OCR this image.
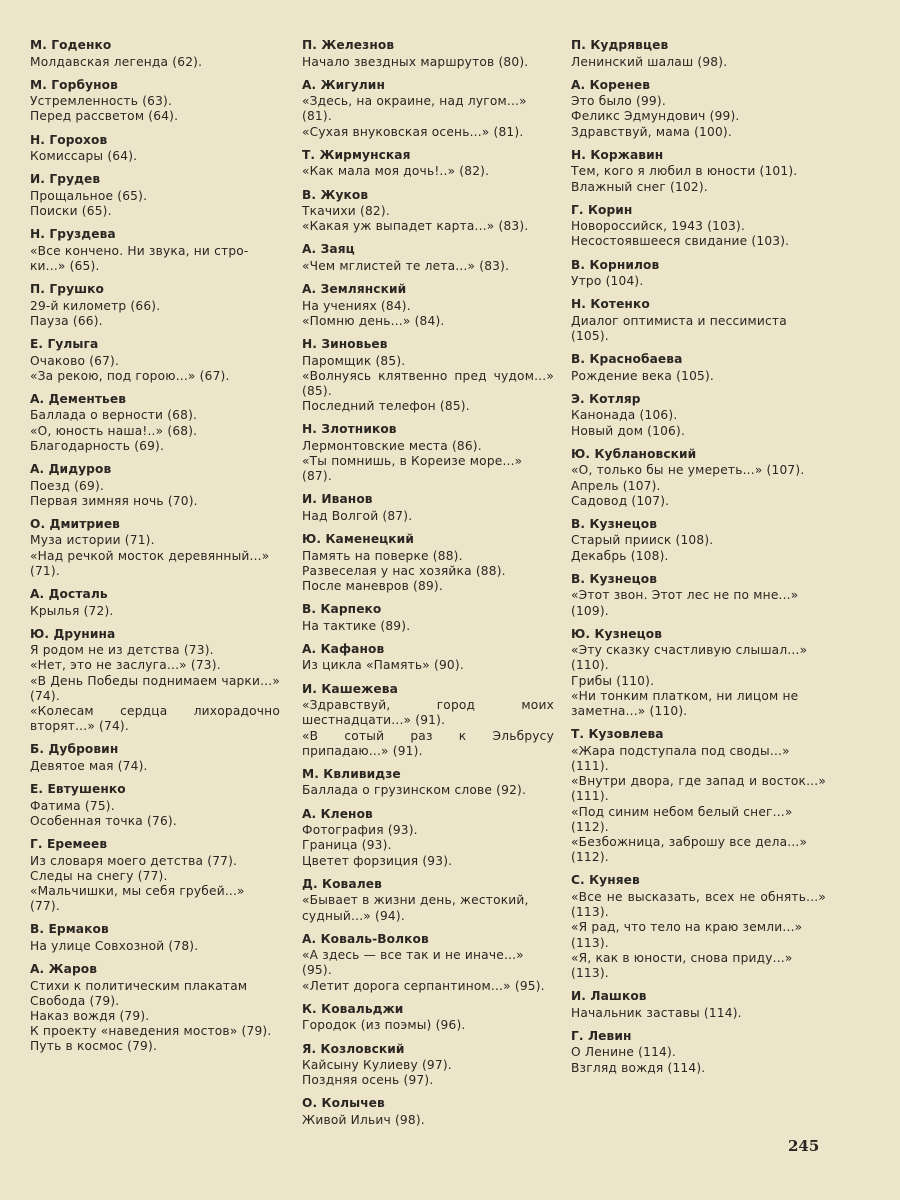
М. Годенко
Молдавская легенда (62).
М. Горбунов
Устремленность (63).
Перед рассветом (64).
Н. Горохов
Комиссары (64).
И. Грудев
Прощальное (65).
Поиски (65).
Н. Груздева
«Все кончено. Ни звука, ни стро-
ки...» (65).
П. Грушко
29-й километр (66).
Пауза (66).
Е. Гулыга
Очаково (67).
«За рекою, под горою...» (67).
А. Дементьев
Баллада о верности (68).
«О, юность наша!..» (68).
Благодарность (69).
А. Дидуров
Поезд (69).
Первая зимняя ночь (70).
О. Дмитриев
Муза истории (71).
«Над речкой мосток деревянный...»
(71).
А. Досталь
Крылья (72).
Ю. Друнина
Я родом не из детства (73).
«Нет, это не заслуга...» (73).
«В День Победы поднимаем чарки...» (74).
«Колесам сердца лихорадочно вторят...» (74).
Б. Дубровин
Девятое мая (74).
Е. Евтушенко
Фатима (75).
Особенная точка (76).
Г. Еремеев
Из словаря моего детства (77).
Следы на снегу (77).
«Мальчишки, мы себя грубей...»
(77).
В. Ермаков
На улице Совхозной (78).
А. Жаров
Стихи к политическим плакатам
Свобода (79).
Наказ вождя (79).
К проекту «наведения мостов» (79).
Путь в космос (79).
П. Железнов
Начало звездных маршрутов (80).
А. Жигулин
«Здесь, на окраине, над лугом...»
(81).
«Сухая внуковская осень...» (81).
Т. Жирмунская
«Как мала моя дочь!..» (82).
В. Жуков
Ткачихи (82).
«Какая уж выпадет карта...» (83).
А. Заяц
«Чем мглистей те лета...» (83).
А. Землянский
На учениях (84).
«Помню день...» (84).
Н. Зиновьев
Паромщик (85).
«Волнуясь клятвенно пред чудом...» (85).
Последний телефон (85).
Н. Злотников
Лермонтовские места (86).
«Ты помнишь, в Кореизе море...»
(87).
И. Иванов
Над Волгой (87).
Ю. Каменецкий
Память на поверке (88).
Развеселая у нас хозяйка (88).
После маневров (89).
В. Карпеко
На тактике (89).
А. Кафанов
Из цикла «Память» (90).
И. Кашежева
«Здравствуй, город моих шестнадцати...» (91).
«В сотый раз к Эльбрусу припадаю...» (91).
М. Квливидзе
Баллада о грузинском слове (92).
А. Кленов
Фотография (93).
Граница (93).
Цветет форзиция (93).
Д. Ковалев
«Бывает в жизни день, жестокий,
судный...» (94).
А. Коваль-Волков
«А здесь — все так и не иначе...»
(95).
«Летит дорога серпантином...» (95).
К. Ковальджи
Городок (из поэмы) (96).
Я. Козловский
Кайсыну Кулиеву (97).
Поздняя осень (97).
О. Колычев
Живой Ильич (98).
П. Кудрявцев
Ленинский шалаш (98).
А. Коренев
Это было (99).
Феликс Эдмундович (99).
Здравствуй, мама (100).
Н. Коржавин
Тем, кого я любил в юности (101).
Влажный снег (102).
Г. Корин
Новороссийск, 1943 (103).
Несостоявшееся свидание (103).
В. Корнилов
Утро (104).
Н. Котенко
Диалог оптимиста и пессимиста
(105).
В. Краснобаева
Рождение века (105).
Э. Котляр
Канонада (106).
Новый дом (106).
Ю. Кублановский
«О, только бы не умереть...» (107).
Апрель (107).
Садовод (107).
В. Кузнецов
Старый прииск (108).
Декабрь (108).
В. Кузнецов
«Этот звон. Этот лес не по мне...»
(109).
Ю. Кузнецов
«Эту сказку счастливую слышал...»
(110).
Грибы (110).
«Ни тонким платком, ни лицом не
заметна...» (110).
Т. Кузовлева
«Жара подступала под своды...»
(111).
«Внутри двора, где запад и восток...» (111).
«Под синим небом белый снег...»
(112).
«Безбожница, заброшу все дела...»
(112).
С. Куняев
«Все не высказать, всех не обнять...» (113).
«Я рад, что тело на краю земли...»
(113).
«Я, как в юности, снова приду...»
(113).
И. Лашков
Начальник заставы (114).
Г. Левин
О Ленине (114).
Взгляд вождя (114).
245
